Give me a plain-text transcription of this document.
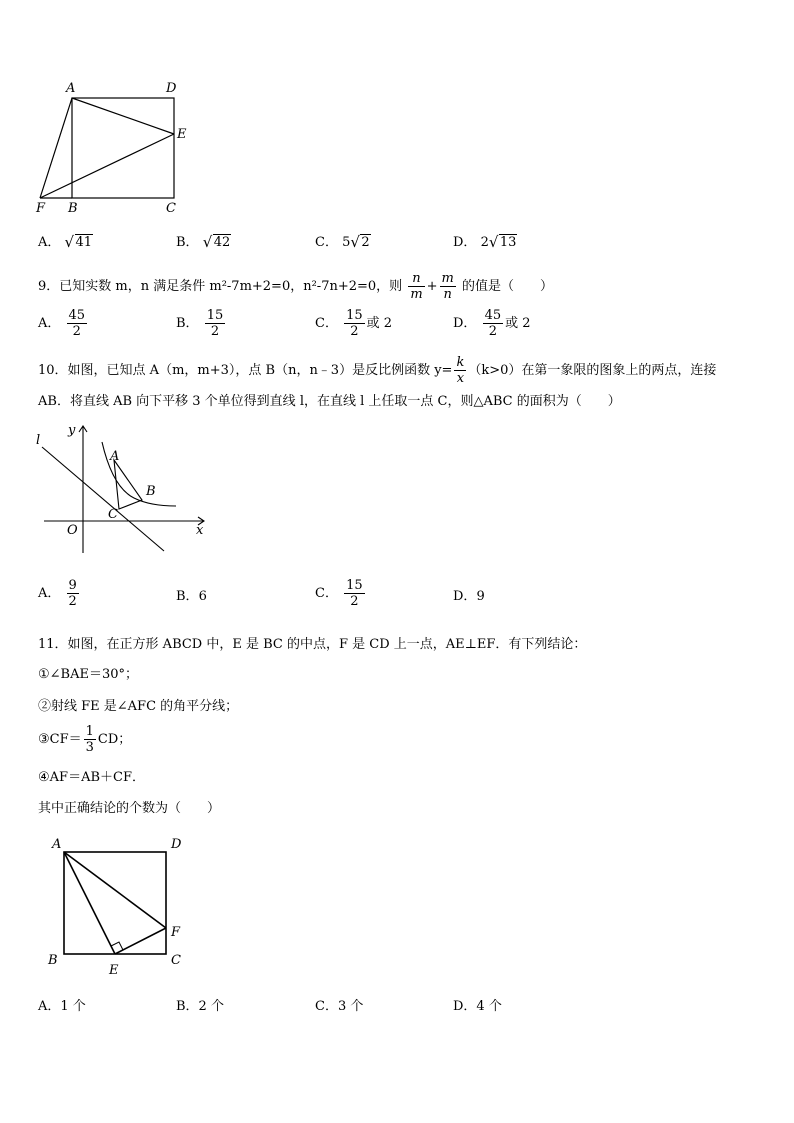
A	D
E
F B	C
A． √ 41	B． √ 42	C． 5 √ 2	D． 2 √ 13
9．已知实数 m，n 满足条件 m²-7m+2=0，n²-7n+2=0，则 $\frac{n}{m} + \frac{m}{n}$ 的值是（　　）
A． $\frac{45}{2}$	B． $\frac{15}{2}$	C． $\frac{15}{2}$ 或 2	D． $\frac{45}{2}$ 或 2
10．如图，已知点 A（m，m+3），点 B（n，n﹣3）是反比例函数 $y= \frac{k}{x} (k>0)$在第一象限的图象上的两点，连接
AB．将直线 AB 向下平移 3 个单位得到直线 l，在直线 l 上任取一点 C，则△ABC 的面积为（　　）
l
y
A
B
C
O	x
A． $\frac{9}{2}$	B．6	C． $\frac{15}{2}$	D．9
11．如图，在正方形 ABCD 中，E 是 BC 的中点，F 是 CD 上一点，AE⊥EF．有下列结论：
①∠BAE＝30°；
②射线 FE 是∠AFC 的角平分线；
③CF＝ $\frac{1}{3}$ CD；
④AF＝AB＋CF．
其中正确结论的个数为（　　）
A	D
F
B
E
C
A．1 个	B．2 个	C．3 个	D．4 个
